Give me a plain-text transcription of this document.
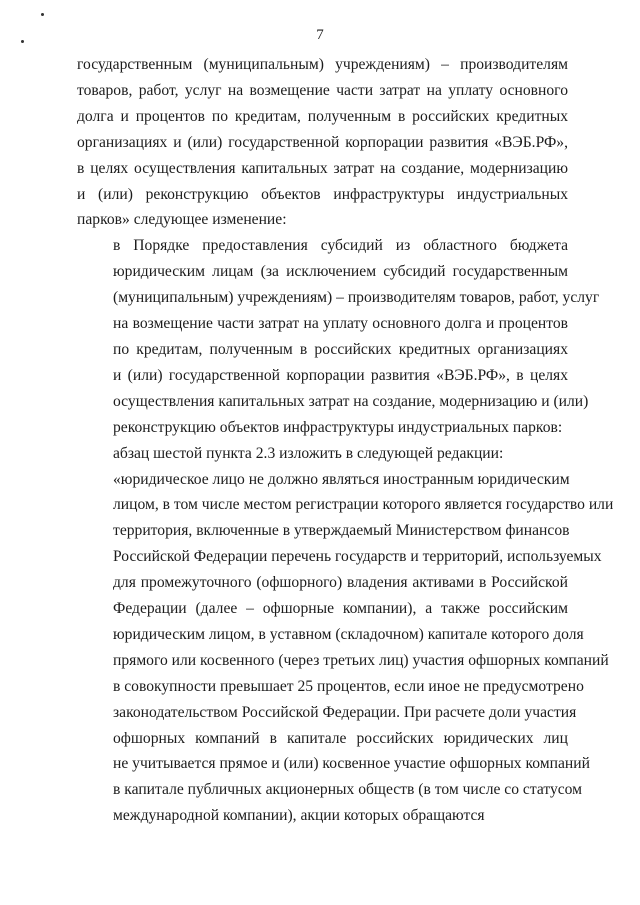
7

государственным (муниципальным) учреждениям) – производителям
товаров, работ, услуг на возмещение части затрат на уплату основного
долга и процентов по кредитам, полученным в российских кредитных
организациях и (или) государственной корпорации развития «ВЭБ.РФ»,
в целях осуществления капитальных затрат на создание, модернизацию
и (или) реконструкцию объектов инфраструктуры индустриальных
парков» следующее изменение:

в Порядке предоставления субсидий из областного бюджета
юридическим лицам (за исключением субсидий государственным
(муниципальным) учреждениям) – производителям товаров, работ, услуг
на возмещение части затрат на уплату основного долга и процентов
по кредитам, полученным в российских кредитных организациях
и (или) государственной корпорации развития «ВЭБ.РФ», в целях
осуществления капитальных затрат на создание, модернизацию и (или)
реконструкцию объектов инфраструктуры индустриальных парков:

абзац шестой пункта 2.3 изложить в следующей редакции:

«юридическое лицо не должно являться иностранным юридическим
лицом, в том числе местом регистрации которого является государство или
территория, включенные в утверждаемый Министерством финансов
Российской Федерации перечень государств и территорий, используемых
для промежуточного (офшорного) владения активами в Российской
Федерации (далее – офшорные компании), а также российским
юридическим лицом, в уставном (складочном) капитале которого доля
прямого или косвенного (через третьих лиц) участия офшорных компаний
в совокупности превышает 25 процентов, если иное не предусмотрено
законодательством Российской Федерации. При расчете доли участия
офшорных компаний в капитале российских юридических лиц
не учитывается прямое и (или) косвенное участие офшорных компаний
в капитале публичных акционерных обществ (в том числе со статусом
международной компании), акции которых обращаются
